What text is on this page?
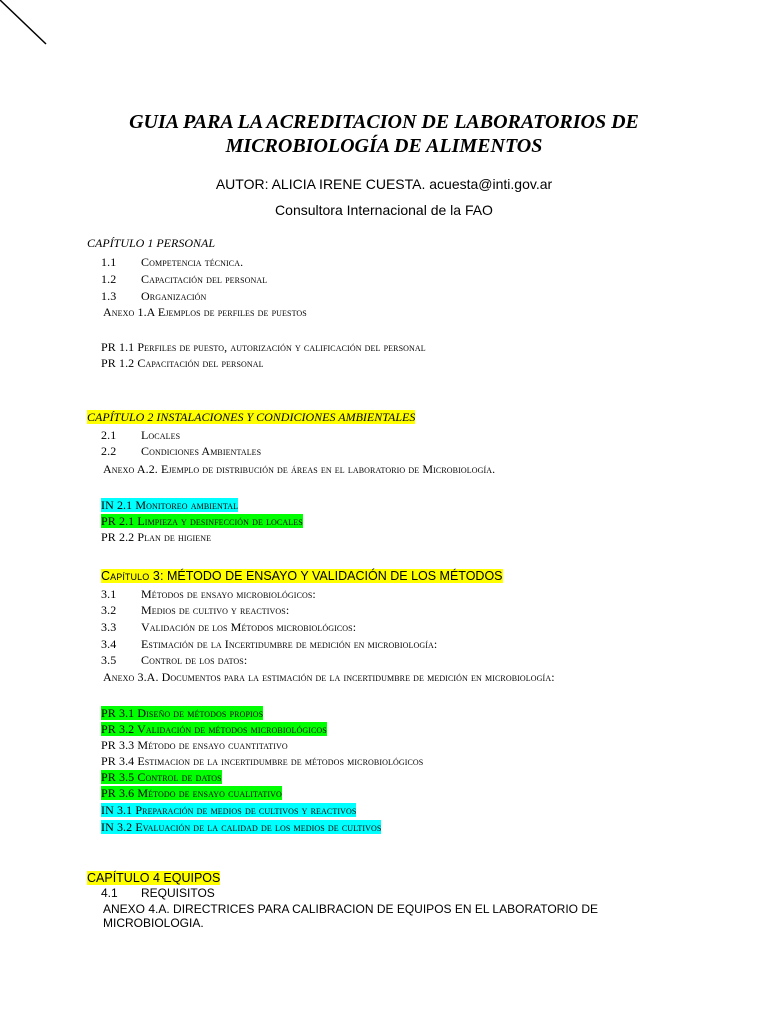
GUIA PARA LA ACREDITACION DE LABORATORIOS DE
MICROBIOLOGÍA DE ALIMENTOS
AUTOR: ALICIA IRENE CUESTA. acuesta@inti.gov.ar
Consultora Internacional de la FAO
CAPÍTULO 1 PERSONAL
1.1 Competencia técnica.
1.2 Capacitación del personal
1.3 Organización
Anexo 1.A Ejemplos de perfiles de puestos
PR 1.1 Perfiles de puesto, autorización y calificación del personal
PR 1.2 Capacitación del personal
CAPÍTULO 2 INSTALACIONES Y CONDICIONES AMBIENTALES
2.1 Locales
2.2 Condiciones Ambientales
Anexo A.2. Ejemplo de distribución de áreas en el laboratorio de Microbiología.
IN 2.1 Monitoreo ambiental
PR 2.1 Limpieza y desinfección de locales
PR 2.2 Plan de higiene
Capítulo 3: MÉTODO DE ENSAYO Y VALIDACIÓN DE LOS MÉTODOS
3.1 Métodos de ensayo microbiológicos:
3.2 Medios de cultivo y reactivos:
3.3 Validación de los Métodos microbiológicos:
3.4 Estimación de la Incertidumbre de medición en microbiología:
3.5 Control de los datos:
Anexo 3.A. Documentos para la estimación de la incertidumbre de medición en microbiología:
PR 3.1 Diseño de métodos propios
PR 3.2 Validación de métodos microbiológicos
PR 3.3 Método de ensayo cuantitativo
PR 3.4 Estimacion de la incertidumbre de métodos microbiológicos
PR 3.5 Control de datos
PR 3.6 Método de ensayo cualitativo
IN 3.1 Preparación de medios de cultivos y reactivos
IN 3.2 Evaluación de la calidad de los medios de cultivos
CAPÍTULO 4 EQUIPOS
4.1 REQUISITOS
ANEXO 4.A. DIRECTRICES PARA CALIBRACION DE EQUIPOS EN EL LABORATORIO DE MICROBIOLOGIA.
